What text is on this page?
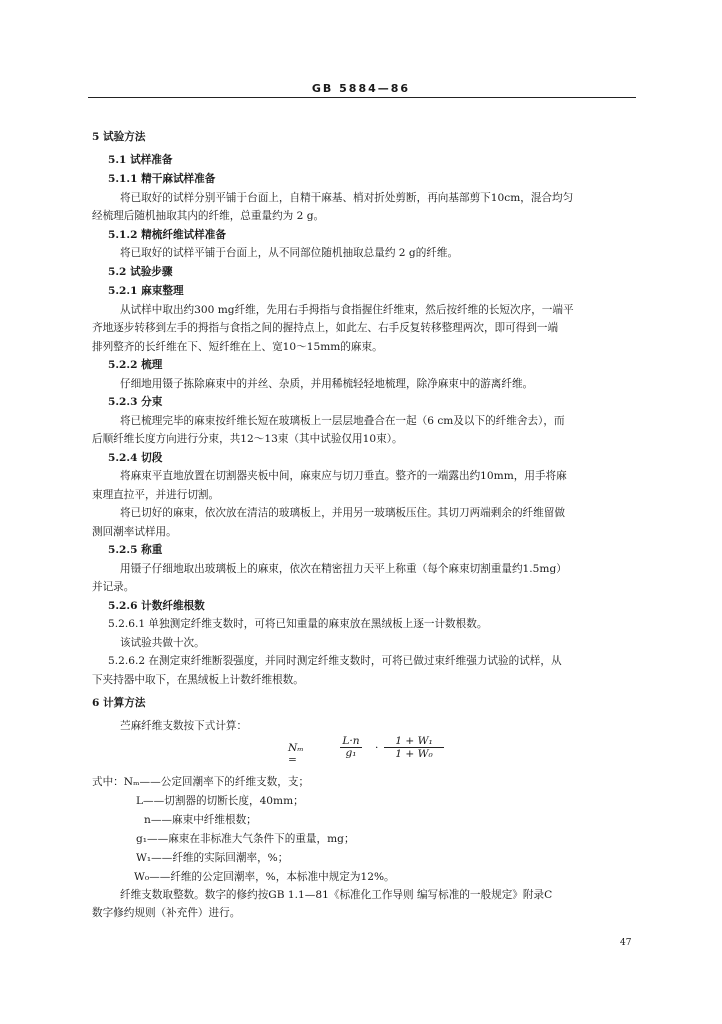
GB 5884—86
5 试验方法
5.1 试样准备
5.1.1 精干麻试样准备
将已取好的试样分别平铺于台面上，自精干麻基、梢对折处剪断，再向基部剪下10cm，混合均匀
经梳理后随机抽取其内的纤维，总重量约为 2 g。
5.1.2 精梳纤维试样准备
将已取好的试样平铺于台面上，从不同部位随机抽取总量约 2 g的纤维。
5.2 试验步骤
5.2.1 麻束整理
从试样中取出约300 mg纤维，先用右手拇指与食指握住纤维束，然后按纤维的长短次序，一端平
齐地逐步转移到左手的拇指与食指之间的握持点上，如此左、右手反复转移整理两次，即可得到一端
排列整齐的长纤维在下、短纤维在上、宽10～15mm的麻束。
5.2.2 梳理
仔细地用镊子拣除麻束中的并丝、杂质，并用稀梳轻轻地梳理，除净麻束中的游离纤维。
5.2.3 分束
将已梳理完毕的麻束按纤维长短在玻璃板上一层层地叠合在一起（6 cm及以下的纤维舍去），而
后顺纤维长度方向进行分束，共12～13束（其中试验仅用10束）。
5.2.4 切段
将麻束平直地放置在切割器夹板中间，麻束应与切刀垂直。整齐的一端露出约10mm，用手将麻
束理直拉平，并进行切割。
将已切好的麻束，依次放在清洁的玻璃板上，并用另一玻璃板压住。其切刀两端剩余的纤维留做
测回潮率试样用。
5.2.5 称重
用镊子仔细地取出玻璃板上的麻束，依次在精密扭力天平上称重（每个麻束切割重量约1.5mg）
并记录。
5.2.6 计数纤维根数
5.2.6.1 单独测定纤维支数时，可将已知重量的麻束放在黑绒板上逐一计数根数。
该试验共做十次。
5.2.6.2 在测定束纤维断裂强度，并同时测定纤维支数时，可将已做过束纤维强力试验的试样，从
下夹持器中取下，在黑绒板上计数纤维根数。
6 计算方法
苎麻纤维支数按下式计算：
式中：Nₘ——公定回潮率下的纤维支数，支；
L——切割器的切断长度，40mm；
n——麻束中纤维根数；
g₁——麻束在非标准大气条件下的重量，mg；
W₁——纤维的实际回潮率，%；
W₀——纤维的公定回潮率，%，本标准中规定为12%。
纤维支数取整数。数字的修约按GB 1.1—81《标准化工作导则 编写标准的一般规定》附录C
数字修约规则（补充件）进行。
Nₘ =
L·n

g₁	·
1 + W₁
1 + W₀
47
